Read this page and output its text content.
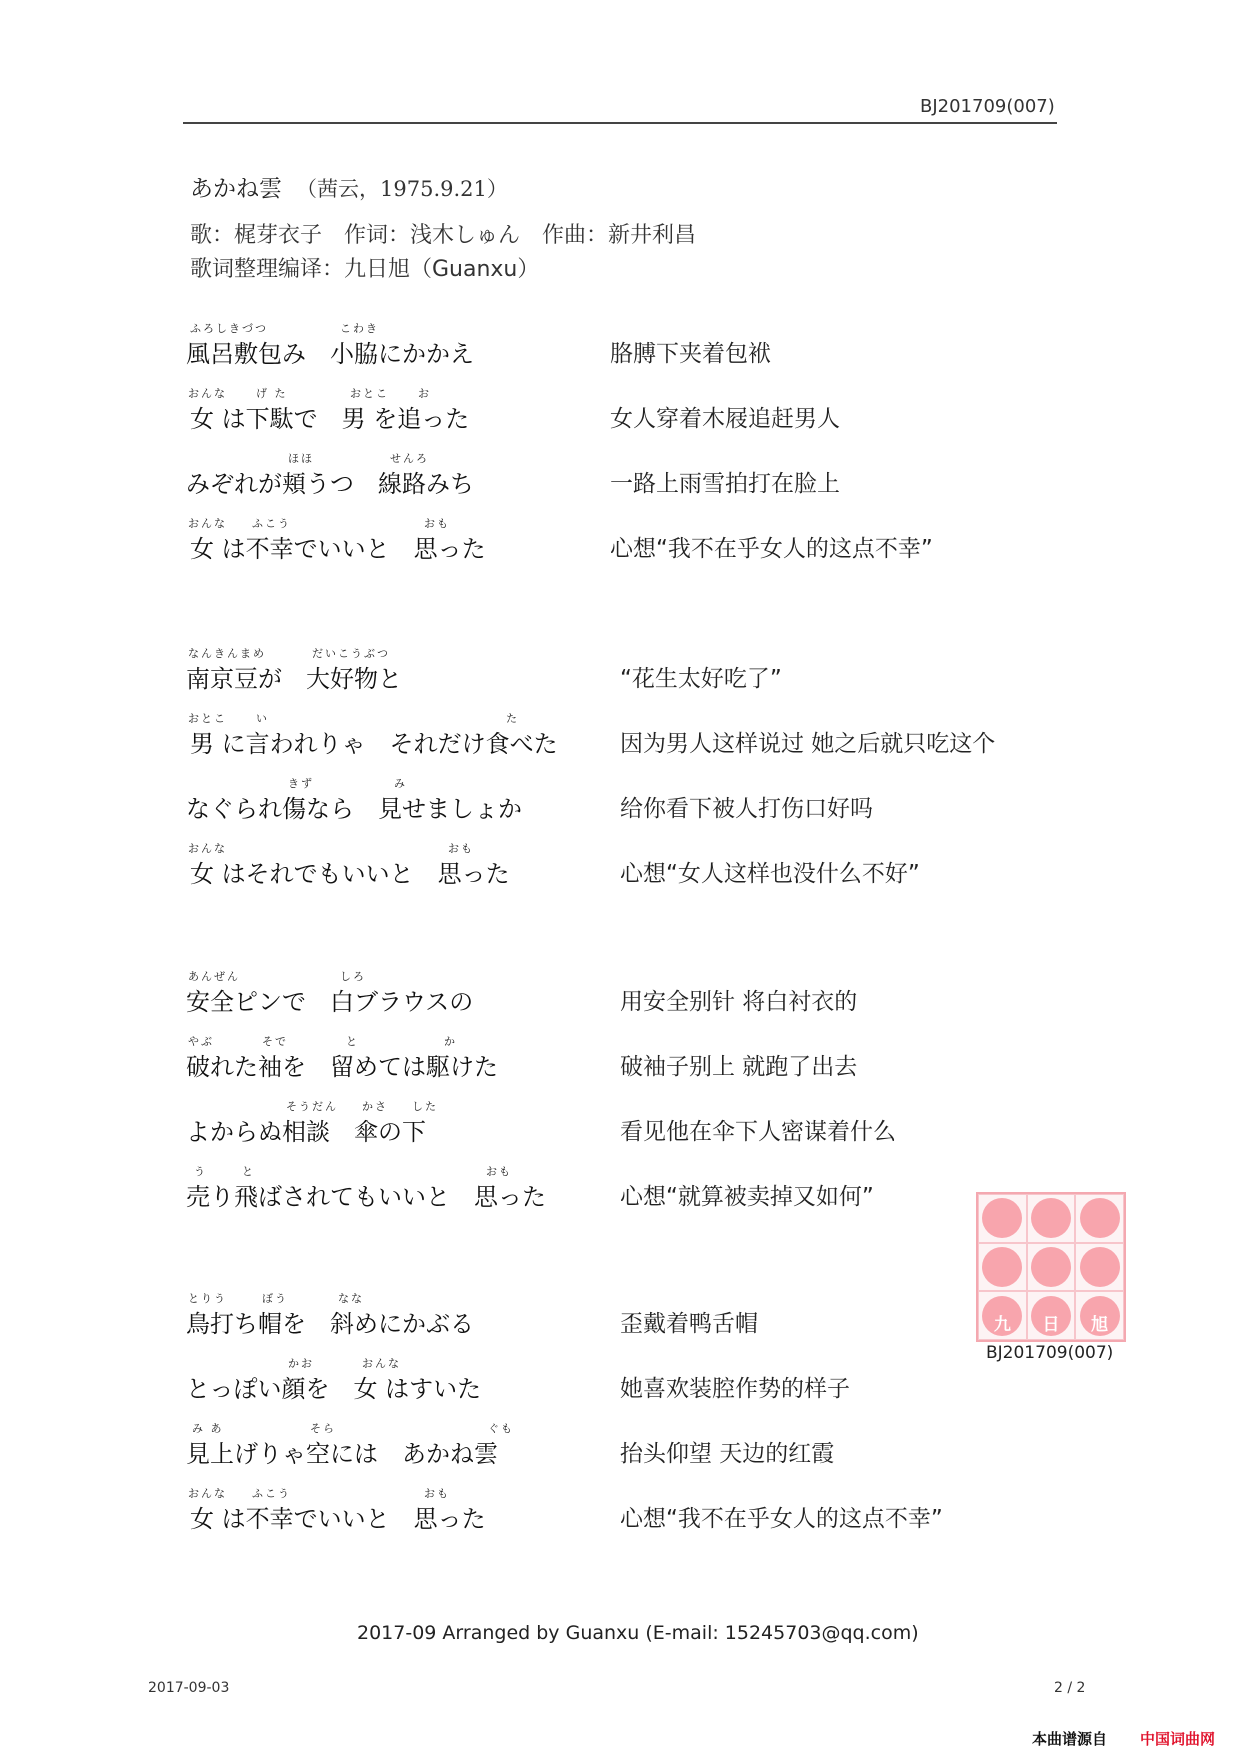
BJ201709(007)
あかね雲 （茜云，1975.9.21）
歌：梶芽衣子 作词：浅木しゅん 作曲：新井利昌
歌词整理编译：九日旭（Guanxu）
ふろしきづつ	こわき
風呂敷包み　小脇にかかえ	胳膊下夹着包袱
おんな	げ た	おとこ	お
女 は下駄で　男 を追った	女人穿着木屐追赶男人
ほほ	せんろ
みぞれが頬うつ　線路みち	一路上雨雪拍打在脸上
おんな ふこう	おも
女 は不幸でいいと　思った	心想“我不在乎女人的这点不幸”
なんきんまめ	だいこうぶつ
南京豆が　大好物と	“花生太好吃了”
おとこ	い	た
男 に言われりゃ　それだけ食べた	因为男人这样说过 她之后就只吃这个
きず	み
なぐられ傷なら　見せましょか	给你看下被人打伤口好吗
おんな	おも
女 はそれでもいいと　思った	心想“女人这样也没什么不好”
あんぜん	しろ
安全ピンで　白ブラウスの	用安全别针 将白衬衣的
やぶ	そで	と	か
破れた袖を　留めては駆けた	破袖子别上 就跑了出去
そうだん かさ した
よからぬ相談　傘の下	看见他在伞下人密谋着什么
う	と	おも
売り飛ばされてもいいと　思った	心想“就算被卖掉又如何”
とりう	ぼう	なな
鳥打ち帽を　斜めにかぶる	歪戴着鸭舌帽
かお	おんな
とっぽい顔を　女 はすいた	她喜欢装腔作势的样子
み あ	そら	ぐも
見上げりゃ空には　あかね雲	抬头仰望 天边的红霞
おんな ふこう	おも
女 は不幸でいいと　思った	心想“我不在乎女人的这点不幸”
九	日	旭
BJ201709(007)
2017-09 Arranged by Guanxu (E-mail: 15245703@qq.com)
2017-09-03	2 / 2
本曲谱源自 中国词曲网
